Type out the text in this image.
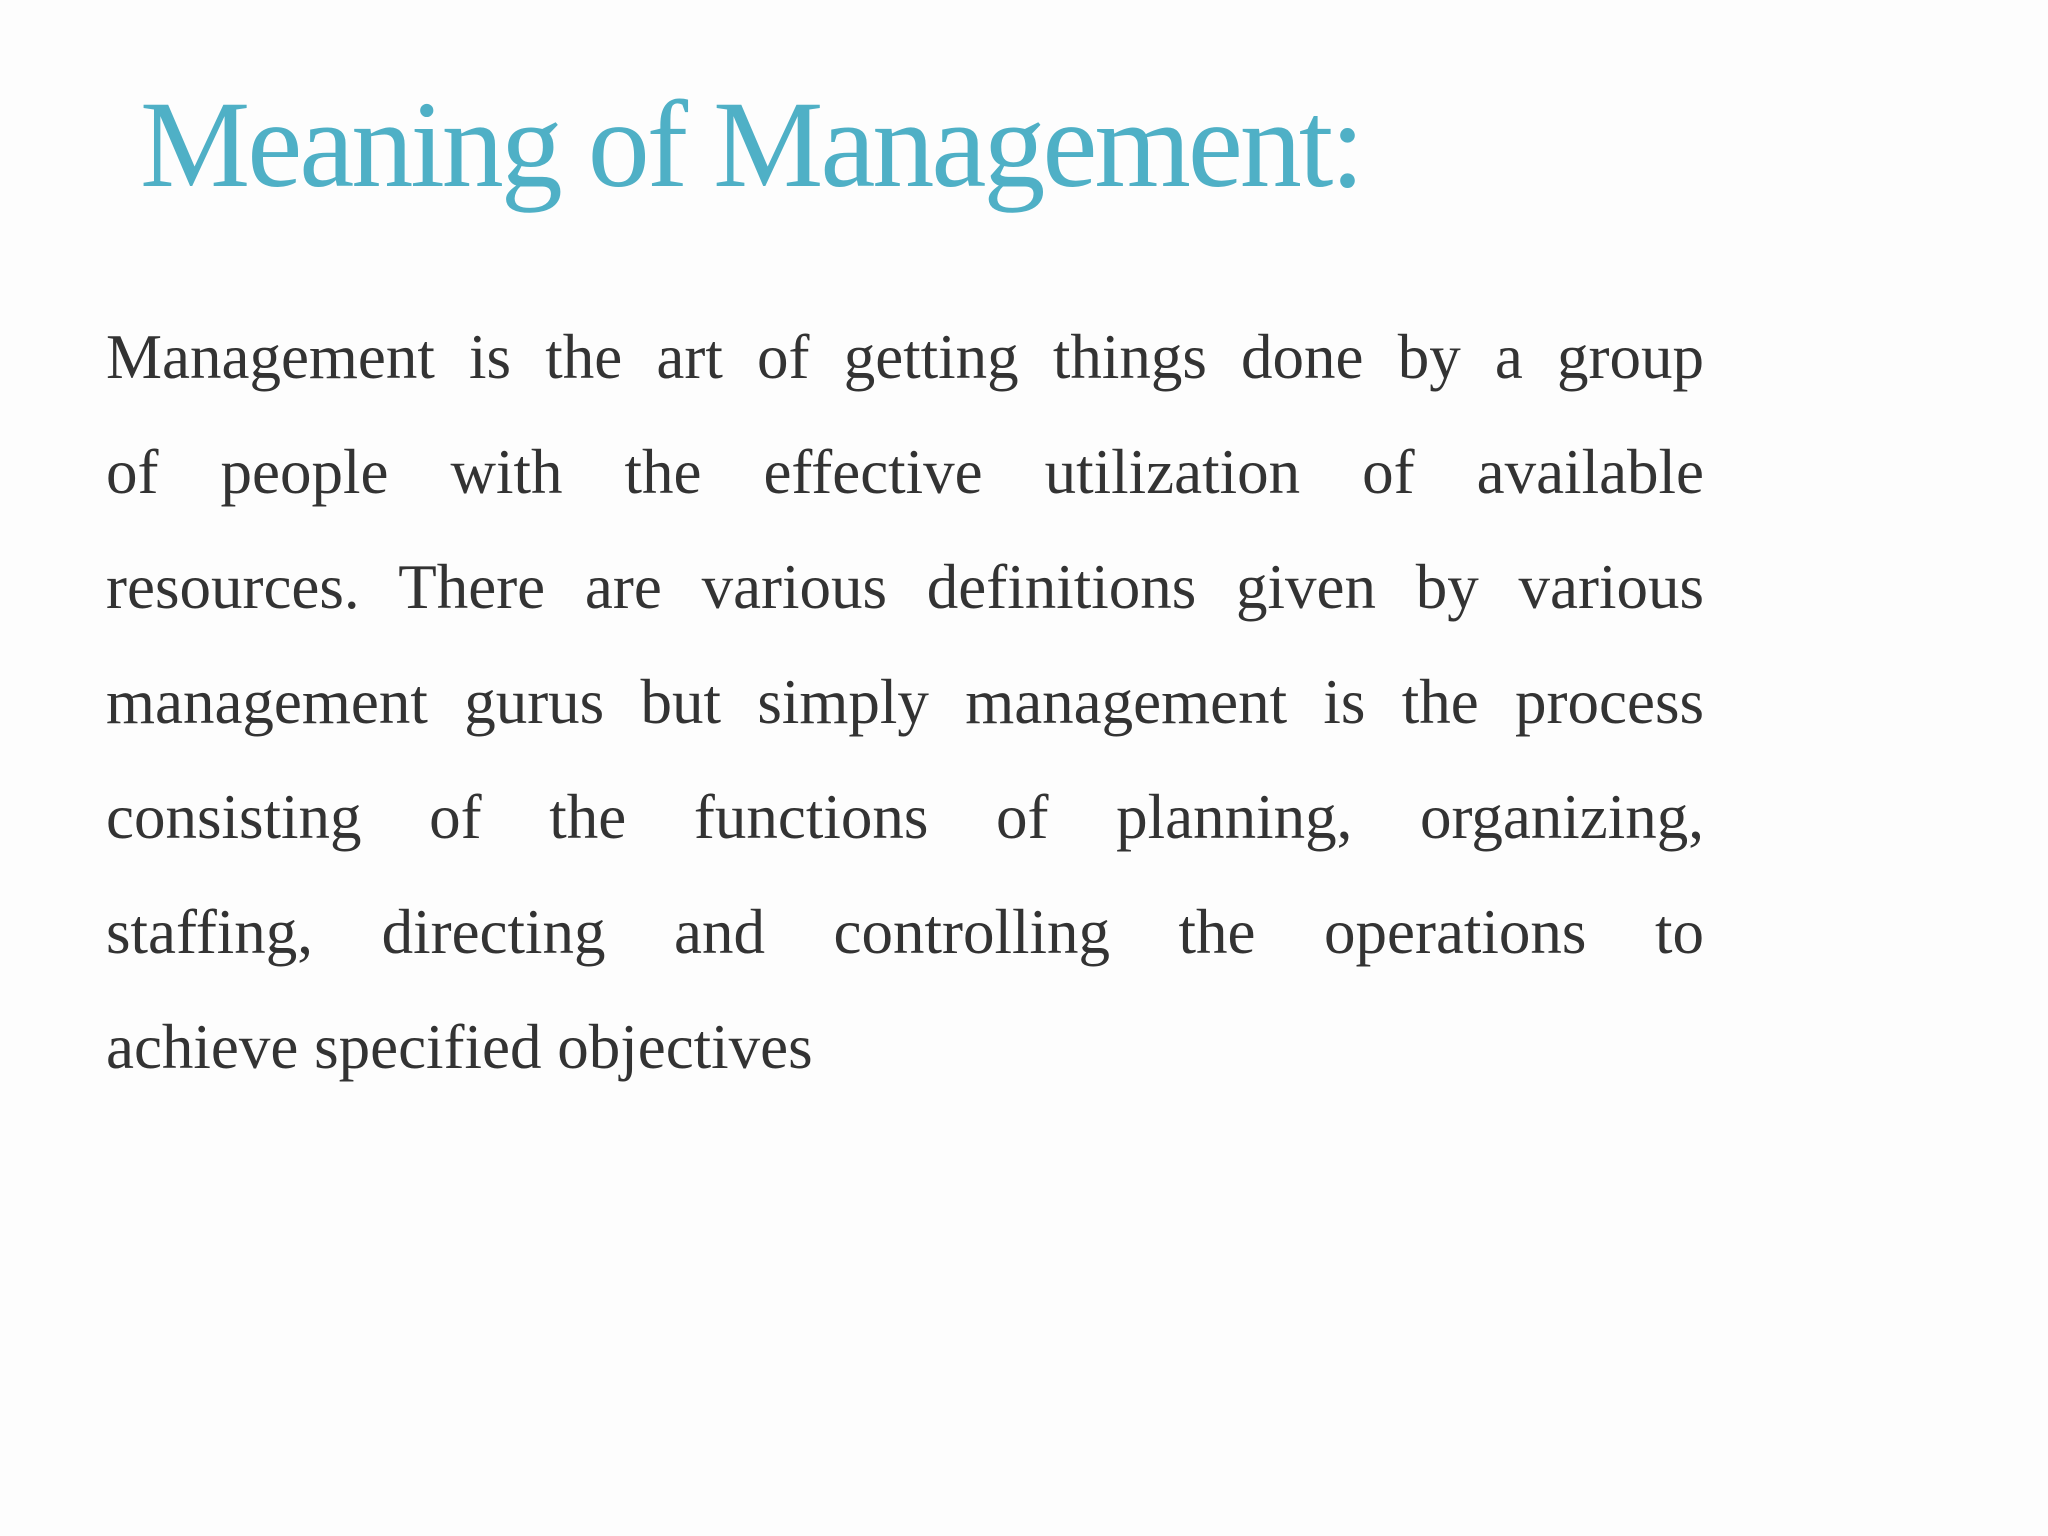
Meaning of Management:
Management is the art of getting things done by a group
of people with the effective utilization of available
resources. There are various definitions given by various
management gurus but simply management is the process
consisting of the functions of planning, organizing,
staffing, directing and controlling the operations to
achieve specified objectives
